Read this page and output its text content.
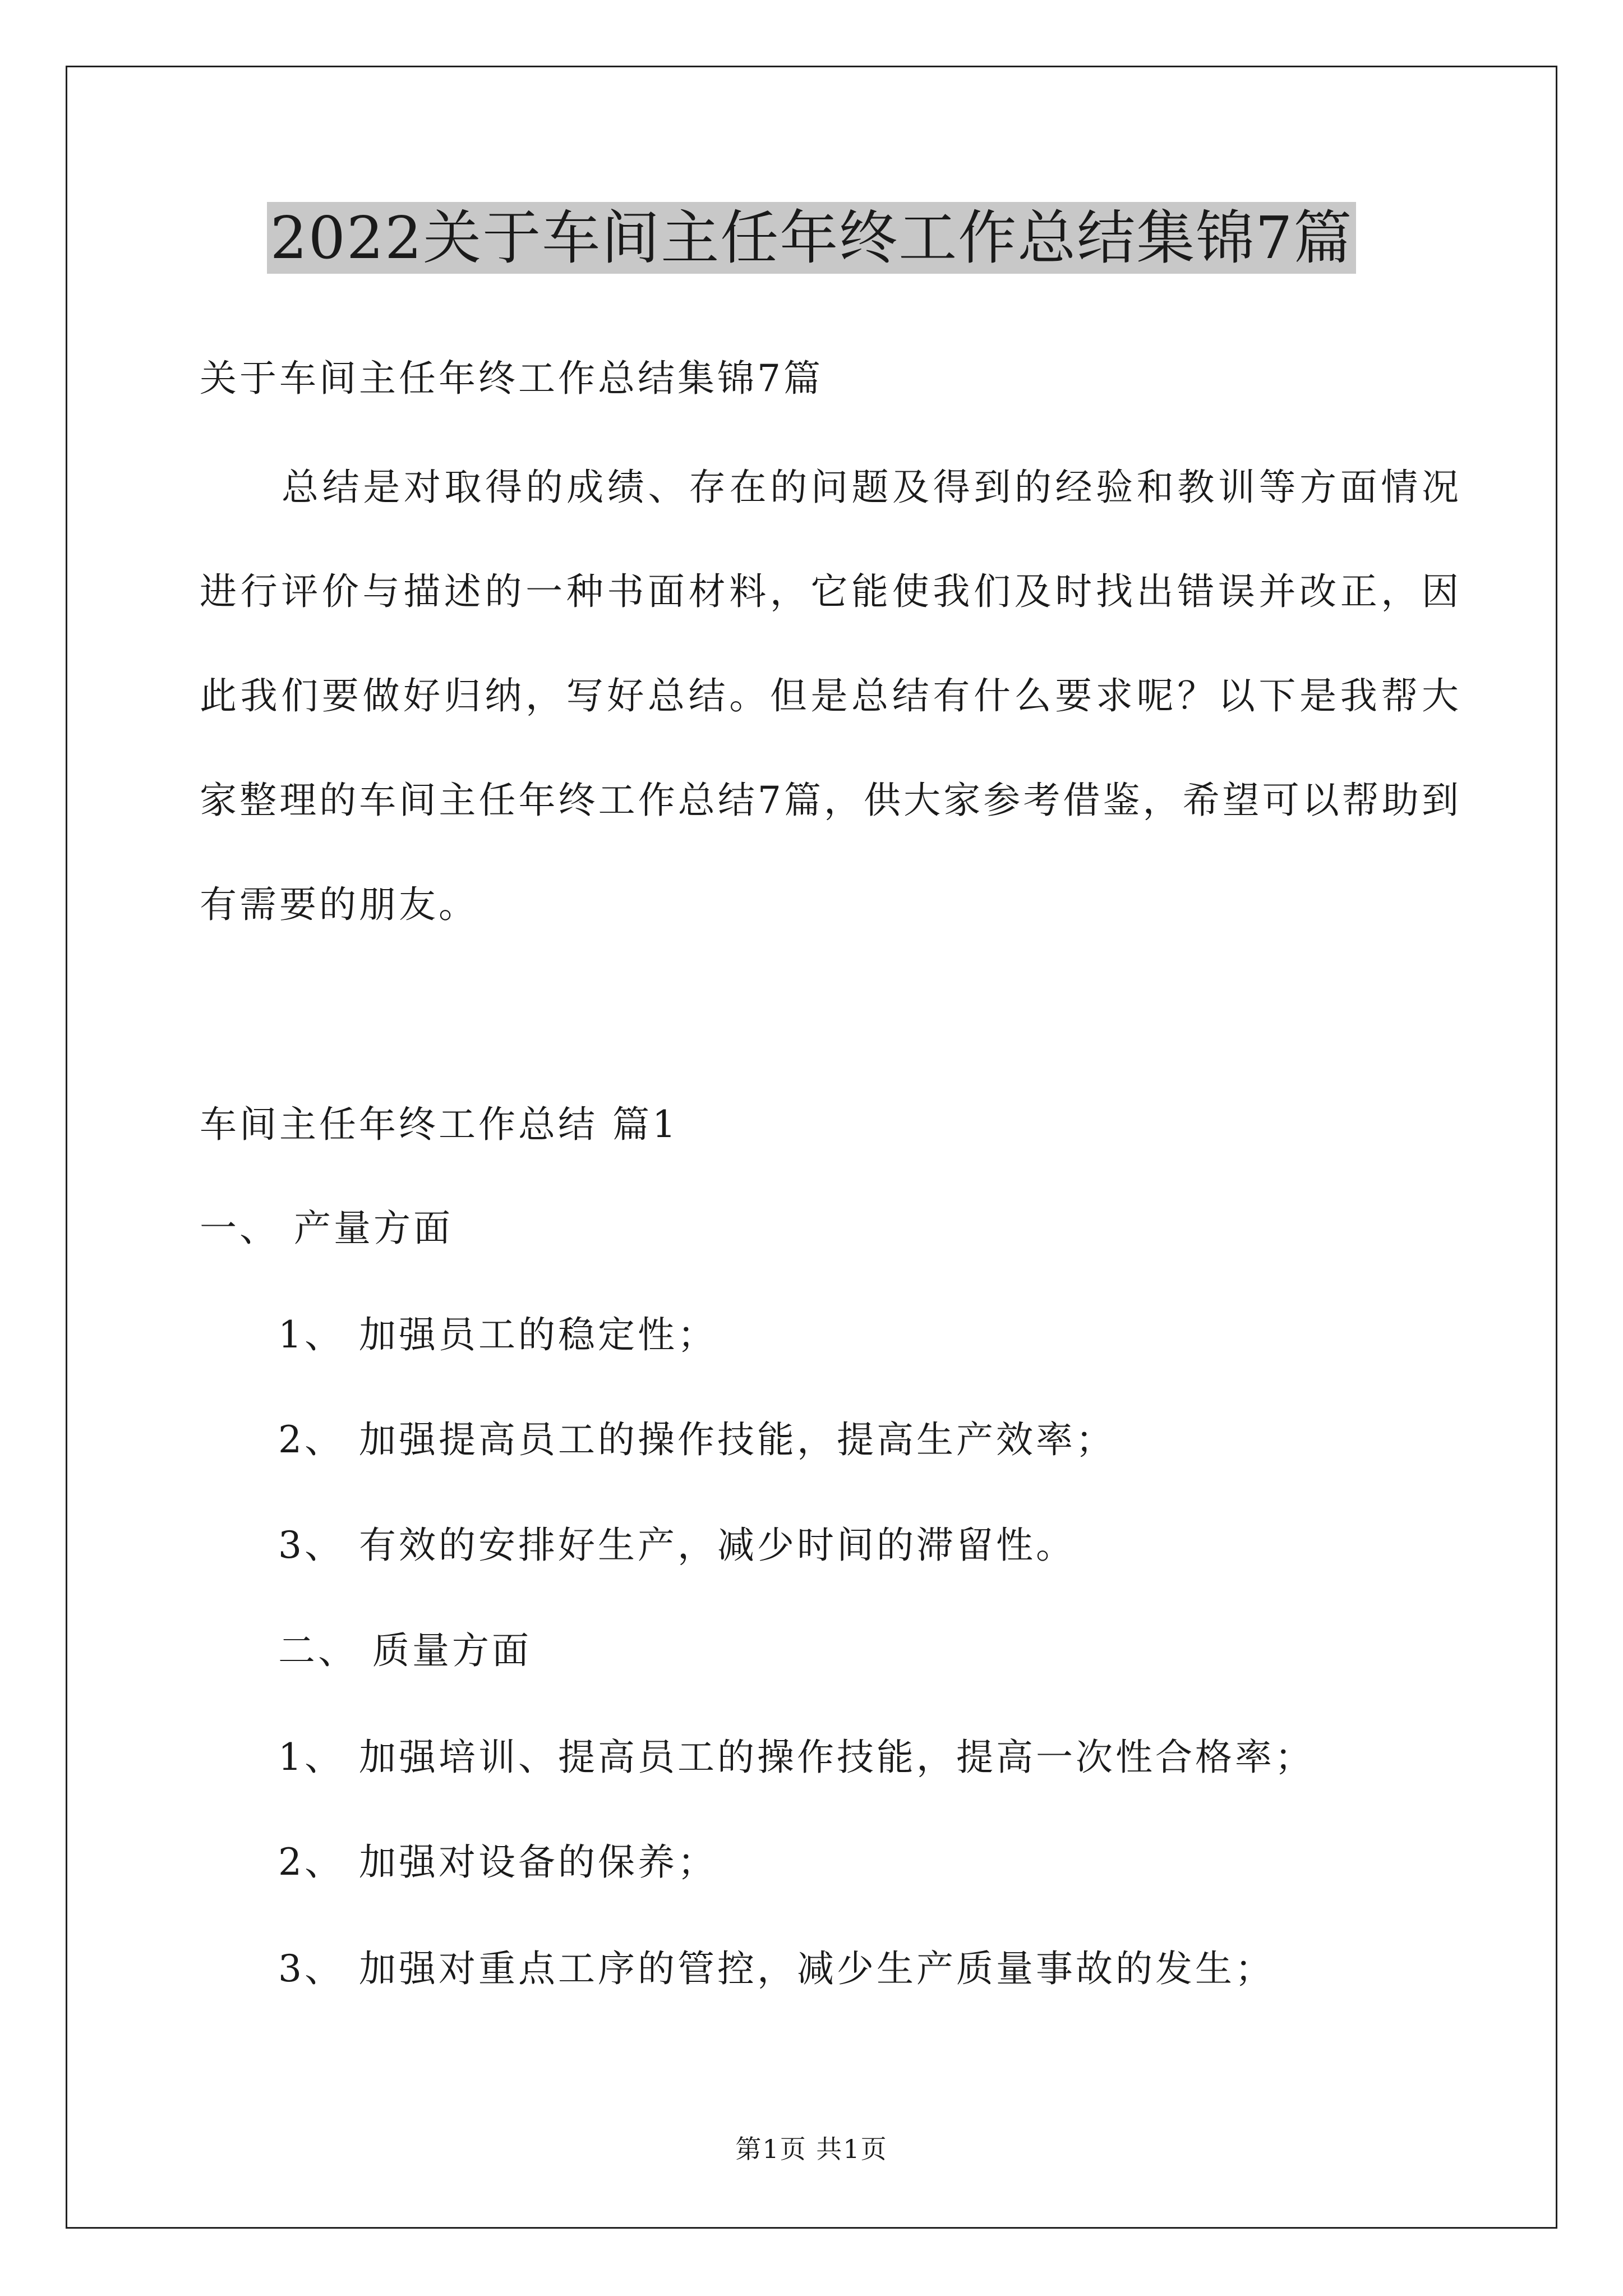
2022关于车间主任年终工作总结集锦7篇
关于车间主任年终工作总结集锦7篇

总结是对取得的成绩、存在的问题及得到的经验和教训等方面情况进行评价与描述的一种书面材料，它能使我们及时找出错误并改正，因此我们要做好归纳，写好总结。但是总结有什么要求呢？以下是我帮大家整理的车间主任年终工作总结7篇，供大家参考借鉴，希望可以帮助到有需要的朋友。

车间主任年终工作总结 篇1
一、 产量方面
1、 加强员工的稳定性；
2、 加强提高员工的操作技能，提高生产效率；
3、 有效的安排好生产，减少时间的滞留性。
二、 质量方面
1、 加强培训、提高员工的操作技能，提高一次性合格率；
2、 加强对设备的保养；
3、 加强对重点工序的管控，减少生产质量事故的发生；
第1页 共1页
